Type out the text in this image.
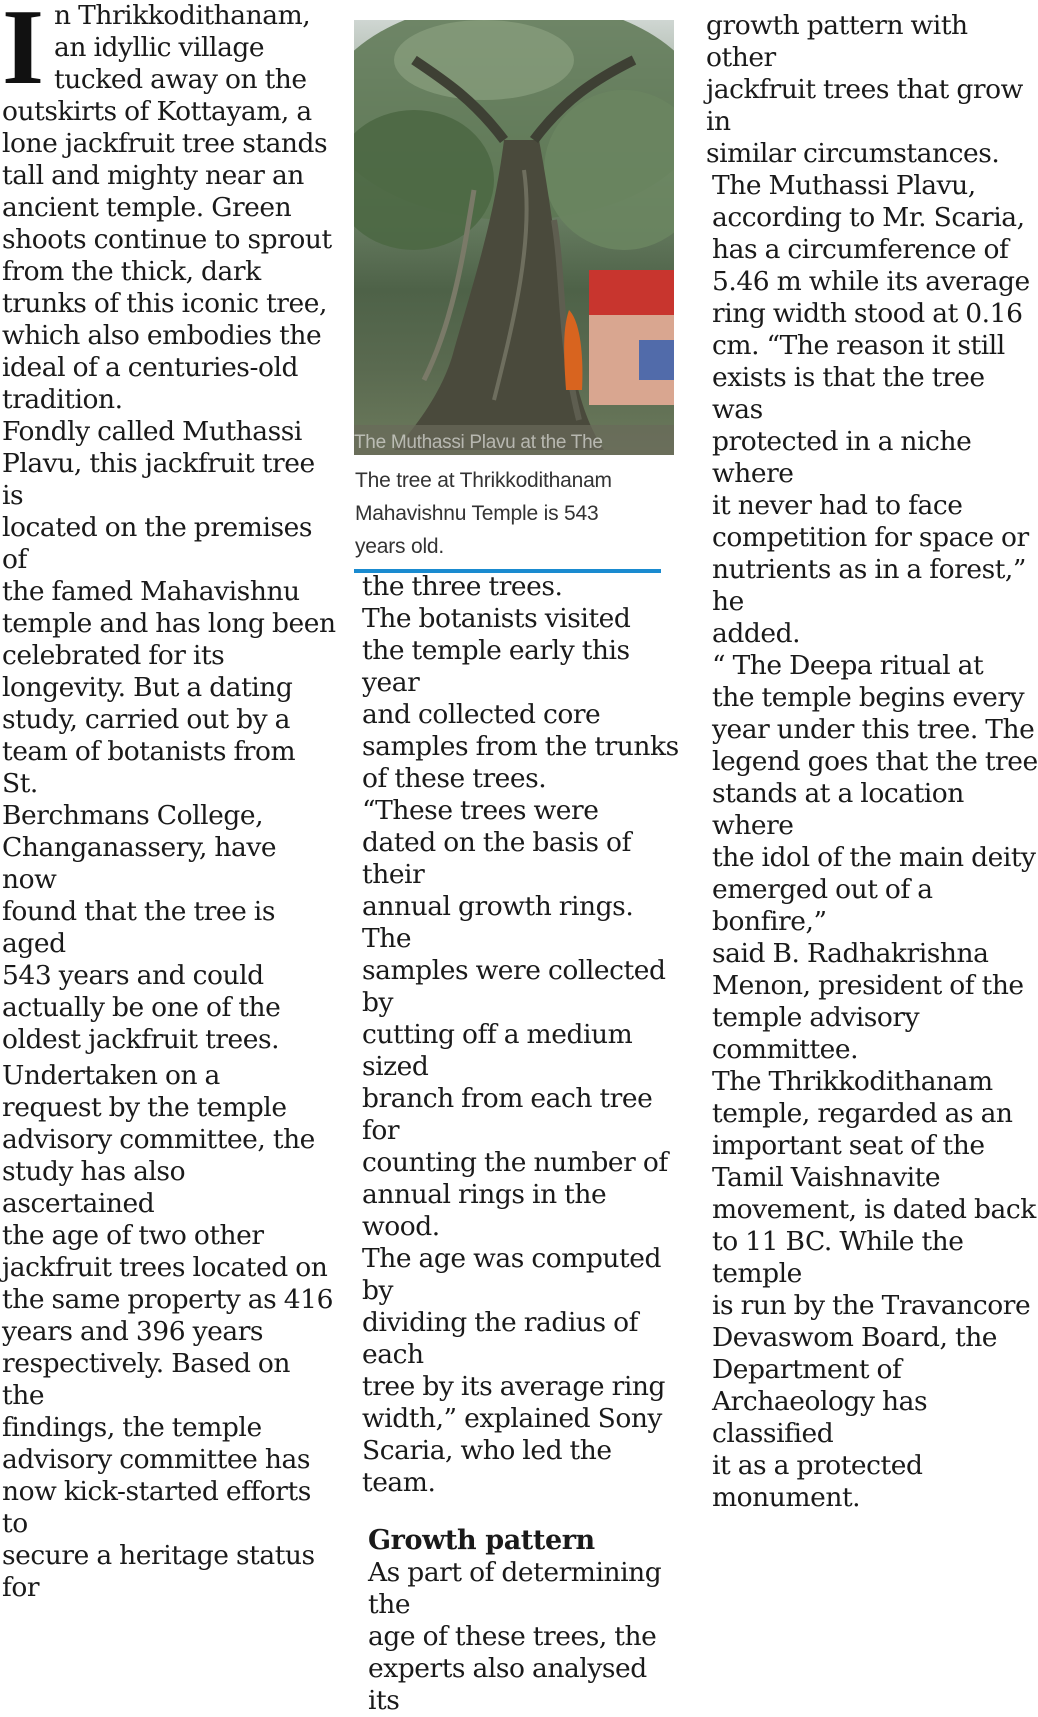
I n Thrikkodithanam,
an idyllic village
tucked away on the
outskirts of Kottayam, a
lone jackfruit tree stands
tall and mighty near an
ancient temple. Green
shoots continue to sprout
from the thick, dark
trunks of this iconic tree,
which also embodies the
ideal of a centuries-old
tradition.

Fondly called Muthassi
Plavu, this jackfruit tree is
located on the premises of
the famed Mahavishnu
temple and has long been
celebrated for its
longevity. But a dating
study, carried out by a
team of botanists from St.
Berchmans College,
Changanassery, have now
found that the tree is aged
543 years and could
actually be one of the
oldest jackfruit trees.

Undertaken on a
request by the temple
advisory committee, the
study has also ascertained
the age of two other
jackfruit trees located on
the same property as 416
years and 396 years
respectively. Based on the
findings, the temple
advisory committee has
now kick-started efforts to
secure a heritage status for

The Muthassi Plavu at the The
The tree at Thrikkodithanam
Mahavishnu Temple is 543
years old.

the three trees.

The botanists visited
the temple early this year
and collected core
samples from the trunks
of these trees.

“These trees were
dated on the basis of their
annual growth rings. The
samples were collected by
cutting off a medium sized
branch from each tree for
counting the number of
annual rings in the wood.
The age was computed by
dividing the radius of each
tree by its average ring
width,” explained Sony
Scaria, who led the team.

Growth pattern

As part of determining the
age of these trees, the
experts also analysed its

growth pattern with other
jackfruit trees that grow in
similar circumstances.

The Muthassi Plavu,
according to Mr. Scaria,
has a circumference of
5.46 m while its average
ring width stood at 0.16
cm. “The reason it still
exists is that the tree was
protected in a niche where
it never had to face
competition for space or
nutrients as in a forest,” he
added.

“ The Deepa ritual at
the temple begins every
year under this tree. The
legend goes that the tree
stands at a location where
the idol of the main deity
emerged out of a bonfire,”
said B. Radhakrishna
Menon, president of the
temple advisory
committee.

The Thrikkodithanam
temple, regarded as an
important seat of the
Tamil Vaishnavite
movement, is dated back
to 11 BC. While the temple
is run by the Travancore
Devaswom Board, the
Department of
Archaeology has classified
it as a protected
monument.
